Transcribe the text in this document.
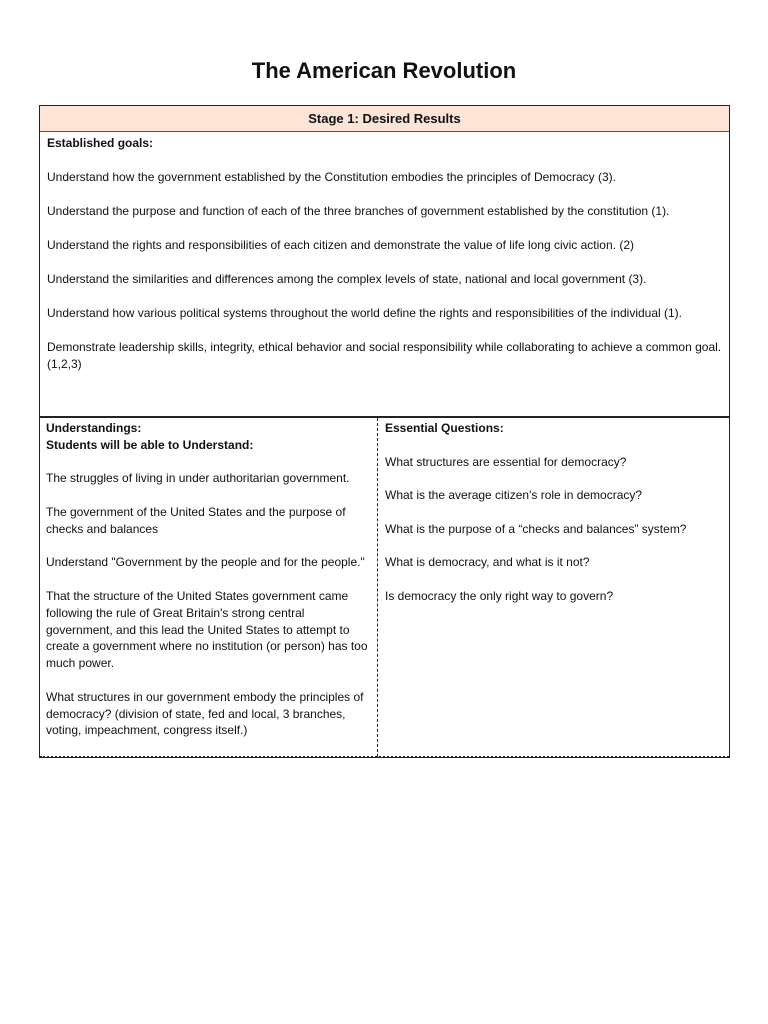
The American Revolution
Stage 1: Desired Results
Established goals:

Understand how the government established by the Constitution embodies the principles of Democracy (3).

Understand the purpose and function of each of the three branches of government established by the constitution (1).

Understand the rights and responsibilities of each citizen and demonstrate the value of life long civic action. (2)

Understand the similarities and differences among the complex levels of state, national and local government (3).

Understand how various political systems throughout the world define the rights and responsibilities of the individual (1).

Demonstrate leadership skills, integrity, ethical behavior and social responsibility while collaborating to achieve a common goal. (1,2,3)

Understandings:

Students will be able to Understand:

The struggles of living in under authoritarian government.

The government of the United States and the purpose of checks and balances

Understand "Government by the people and for the people."

That the structure of the United States government came following the rule of Great Britain's strong central government, and this lead the United States to attempt to create a government where no institution (or person) has too much power.

What structures in our government embody the principles of democracy? (division of state, fed and local, 3 branches, voting, impeachment, congress itself.)

Essential Questions:

What structures are essential for democracy?

What is the average citizen's role in democracy?

What is the purpose of a “checks and balances” system?

What is democracy, and what is it not?

Is democracy the only right way to govern?
